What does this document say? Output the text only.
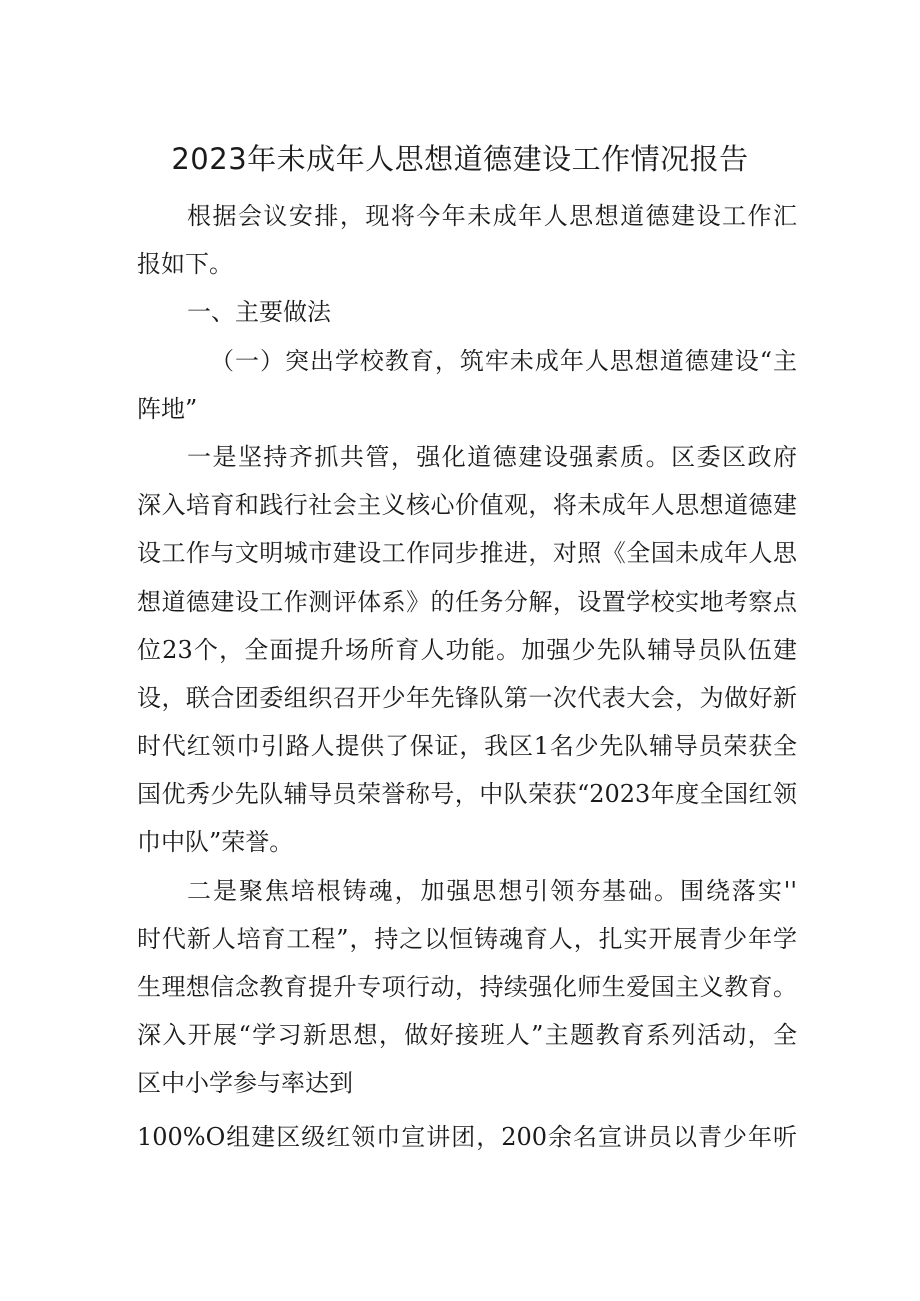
2023年未成年人思想道德建设工作情况报告
根据会议安排，现将今年未成年人思想道德建设工作汇
报如下。
一、主要做法
（一）突出学校教育，筑牢未成年人思想道德建设“主
阵地”
一是坚持齐抓共管，强化道德建设强素质。区委区政府
深入培育和践行社会主义核心价值观，将未成年人思想道德建
设工作与文明城市建设工作同步推进，对照《全国未成年人思
想道德建设工作测评体系》的任务分解，设置学校实地考察点
位23个，全面提升场所育人功能。加强少先队辅导员队伍建
设，联合团委组织召开少年先锋队第一次代表大会，为做好新
时代红领巾引路人提供了保证，我区1名少先队辅导员荣获全
国优秀少先队辅导员荣誉称号，中队荣获“2023年度全国红领
巾中队”荣誉。
二是聚焦培根铸魂，加强思想引领夯基础。围绕落实''
时代新人培育工程”，持之以恒铸魂育人，扎实开展青少年学
生理想信念教育提升专项行动，持续强化师生爱国主义教育。
深入开展“学习新思想，做好接班人”主题教育系列活动，全
区中小学参与率达到
100%O组建区级红领巾宣讲团，200余名宣讲员以青少年听
